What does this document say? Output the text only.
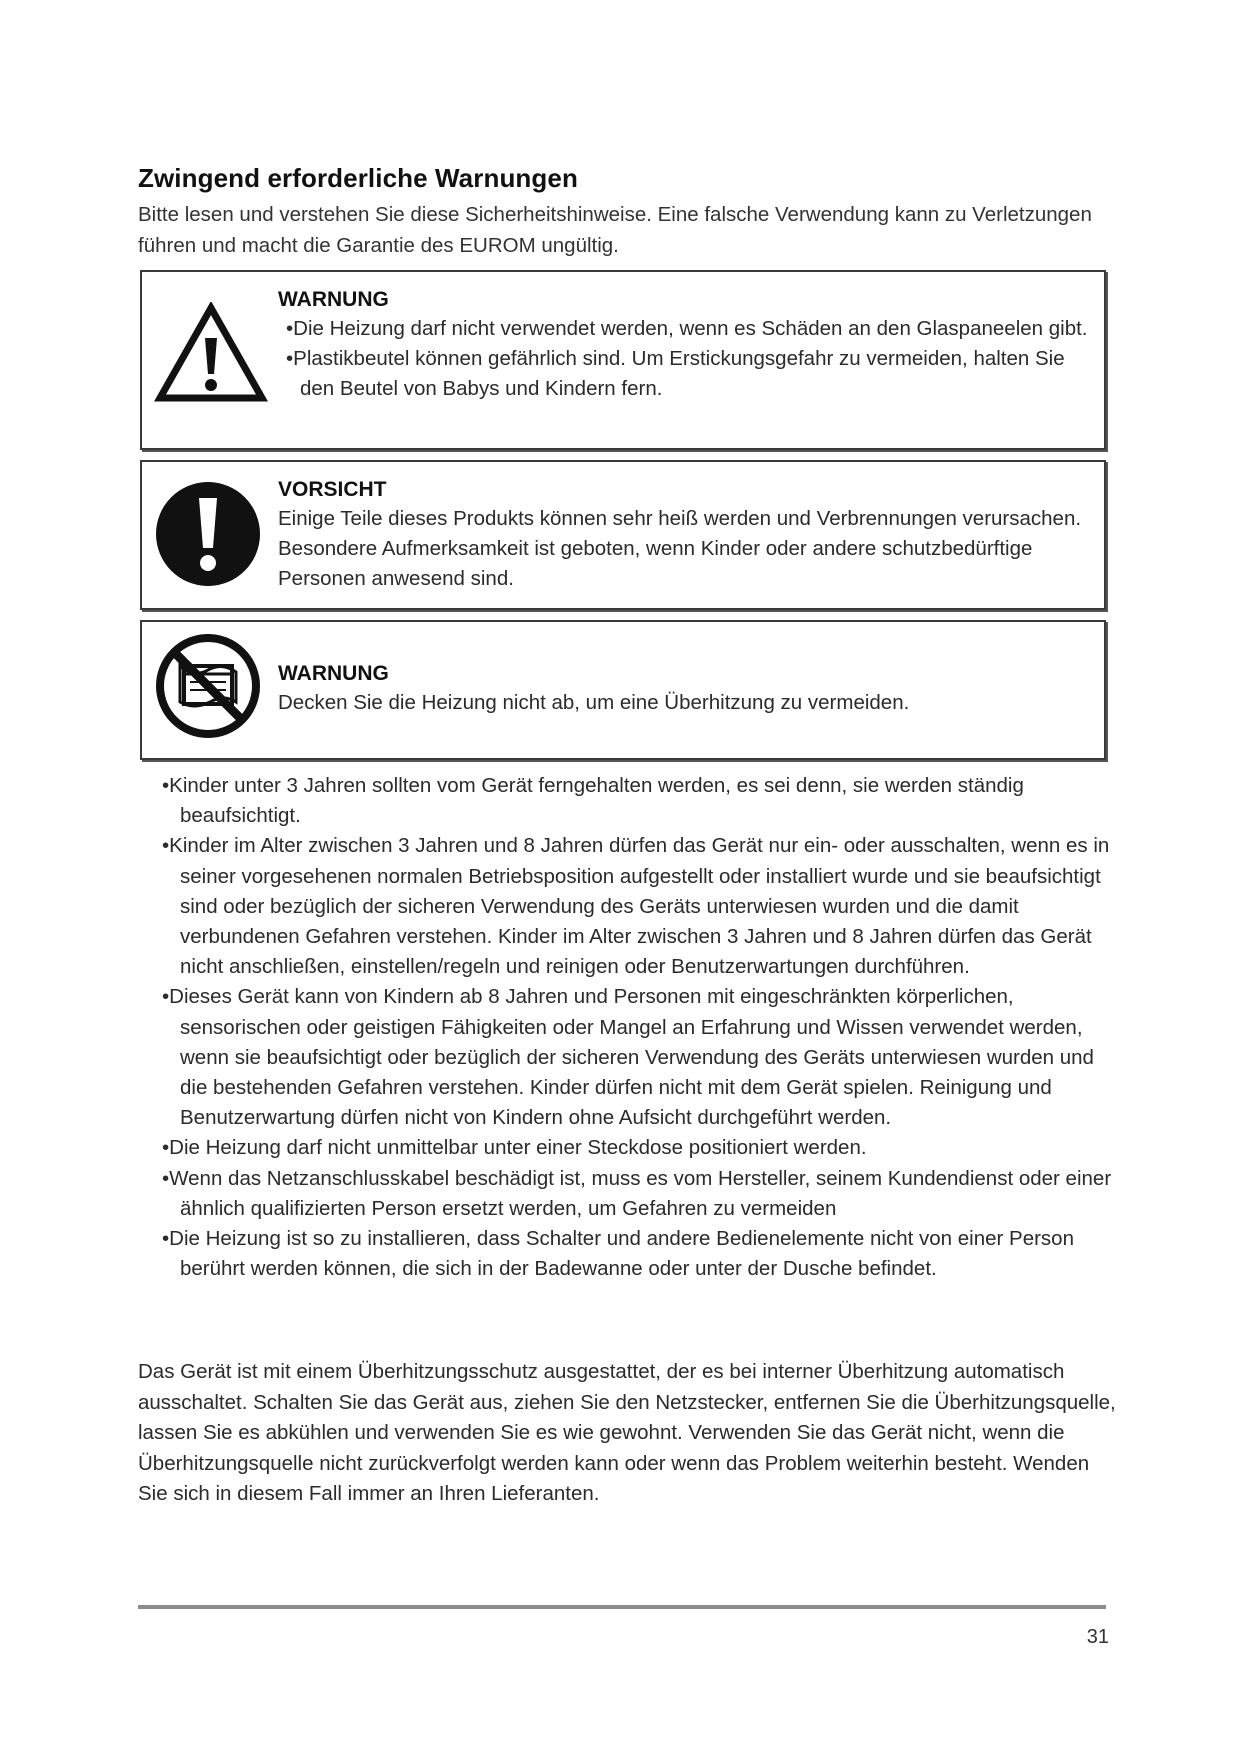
Zwingend erforderliche Warnungen

Bitte lesen und verstehen Sie diese Sicherheitshinweise. Eine falsche Verwendung kann zu Verletzungen führen und macht die Garantie des EUROM ungültig.

WARNUNG
•Die Heizung darf nicht verwendet werden, wenn es Schäden an den Glaspaneelen gibt.
•Plastikbeutel können gefährlich sind. Um Erstickungsgefahr zu vermeiden, halten Sie den Beutel von Babys und Kindern fern.
VORSICHT
Einige Teile dieses Produkts können sehr heiß werden und Verbrennungen verursachen. Besondere Aufmerksamkeit ist geboten, wenn Kinder oder andere schutzbedürftige Personen anwesend sind.
WARNUNG
Decken Sie die Heizung nicht ab, um eine Überhitzung zu vermeiden.

•Kinder unter 3 Jahren sollten vom Gerät ferngehalten werden, es sei denn, sie werden ständig beaufsichtigt.

•Kinder im Alter zwischen 3 Jahren und 8 Jahren dürfen das Gerät nur ein- oder ausschalten, wenn es in seiner vorgesehenen normalen Betriebsposition aufgestellt oder installiert wurde und sie beaufsichtigt sind oder bezüglich der sicheren Verwendung des Geräts unterwiesen wurden und die damit verbundenen Gefahren verstehen. Kinder im Alter zwischen 3 Jahren und 8 Jahren dürfen das Gerät nicht anschließen, einstellen/regeln und reinigen oder Benutzerwartungen durchführen.

•Dieses Gerät kann von Kindern ab 8 Jahren und Personen mit eingeschränkten körperlichen, sensorischen oder geistigen Fähigkeiten oder Mangel an Erfahrung und Wissen verwendet werden, wenn sie beaufsichtigt oder bezüglich der sicheren Verwendung des Geräts unterwiesen wurden und die bestehenden Gefahren verstehen. Kinder dürfen nicht mit dem Gerät spielen. Reinigung und Benutzerwartung dürfen nicht von Kindern ohne Aufsicht durchgeführt werden.

•Die Heizung darf nicht unmittelbar unter einer Steckdose positioniert werden.

•Wenn das Netzanschlusskabel beschädigt ist, muss es vom Hersteller, seinem Kundendienst oder einer ähnlich qualifizierten Person ersetzt werden, um Gefahren zu vermeiden

•Die Heizung ist so zu installieren, dass Schalter und andere Bedienelemente nicht von einer Person berührt werden können, die sich in der Badewanne oder unter der Dusche befindet.

Das Gerät ist mit einem Überhitzungsschutz ausgestattet, der es bei interner Überhitzung automatisch ausschaltet. Schalten Sie das Gerät aus, ziehen Sie den Netzstecker, entfernen Sie die Überhitzungsquelle, lassen Sie es abkühlen und verwenden Sie es wie gewohnt. Verwenden Sie das Gerät nicht, wenn die Überhitzungsquelle nicht zurückverfolgt werden kann oder wenn das Problem weiterhin besteht. Wenden Sie sich in diesem Fall immer an Ihren Lieferanten.

31
